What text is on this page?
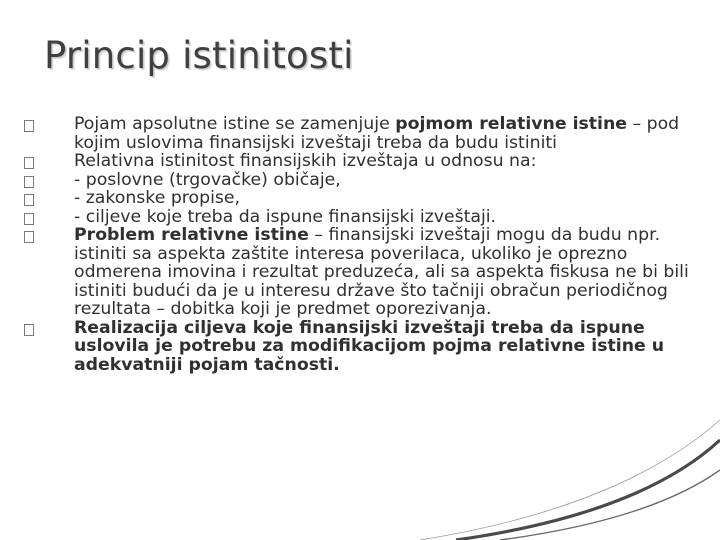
Princip istinitosti
Pojam apsolutne istine se zamenjuje pojmom relativne istine – pod kojim uslovima finansijski izveštaji treba da budu istiniti
Relativna istinitost finansijskih izveštaja u odnosu na:
- poslovne (trgovačke) običaje,
- zakonske propise,
- ciljeve koje treba da ispune finansijski izveštaji.
Problem relativne istine – finansijski izveštaji mogu da budu npr. istiniti sa aspekta zaštite interesa poverilaca, ukoliko je oprezno odmerena imovina i rezultat preduzeća, ali sa aspekta fiskusa ne bi bili istiniti budući da je u interesu države što tačniji obračun periodičnog rezultata – dobitka koji je predmet oporezivanja.
Realizacija ciljeva koje finansijski izveštaji treba da ispune uslovila je potrebu za modifikacijom pojma relativne istine u adekvatniji pojam tačnosti.
